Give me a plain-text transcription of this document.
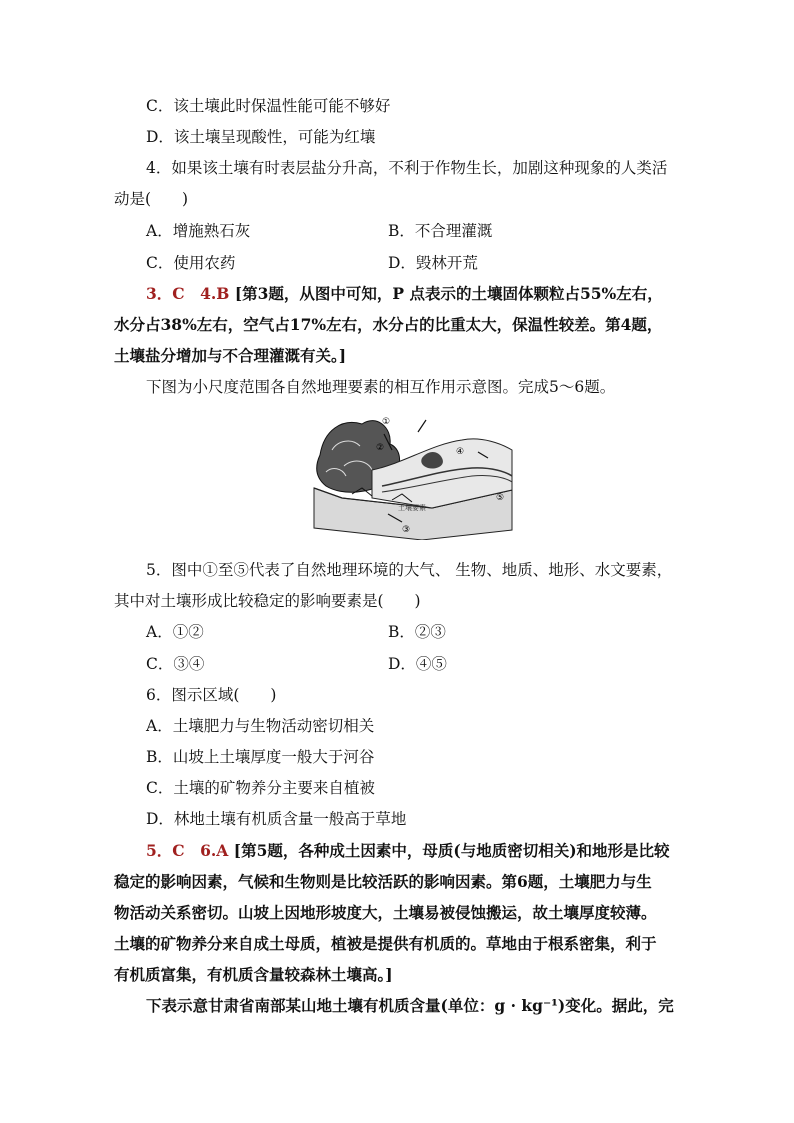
C．该土壤此时保温性能可能不够好
D．该土壤呈现酸性，可能为红壤
4．如果该土壤有时表层盐分升高，不利于作物生长，加剧这种现象的人类活
动是(　　)
A．增施熟石灰	B．不合理灌溉
C．使用农药	D．毁林开荒
3．C　4.B [第3题，从图中可知，P 点表示的土壤固体颗粒占55%左右，
水分占38%左右，空气占17%左右，水分占的比重太大，保温性较差。第4题，
土壤盐分增加与不合理灌溉有关。]
下图为小尺度范围各自然地理要素的相互作用示意图。完成5～6题。
①
②
③
④
⑤
土壤要素
5．图中①至⑤代表了自然地理环境的大气、 生物、地质、地形、水文要素，
其中对土壤形成比较稳定的影响要素是(　　)
A．①②	B．②③
C．③④	D．④⑤
6．图示区域(　　)
A．土壤肥力与生物活动密切相关
B．山坡上土壤厚度一般大于河谷
C．土壤的矿物养分主要来自植被
D．林地土壤有机质含量一般高于草地
5．C　6.A [第5题，各种成土因素中，母质(与地质密切相关)和地形是比较
稳定的影响因素，气候和生物则是比较活跃的影响因素。第6题，土壤肥力与生
物活动关系密切。山坡上因地形坡度大，土壤易被侵蚀搬运，故土壤厚度较薄。
土壤的矿物养分来自成土母质，植被是提供有机质的。草地由于根系密集，利于
有机质富集，有机质含量较森林土壤高。]
下表示意甘肃省南部某山地土壤有机质含量(单位：g · kg⁻¹)变化。据此，完
